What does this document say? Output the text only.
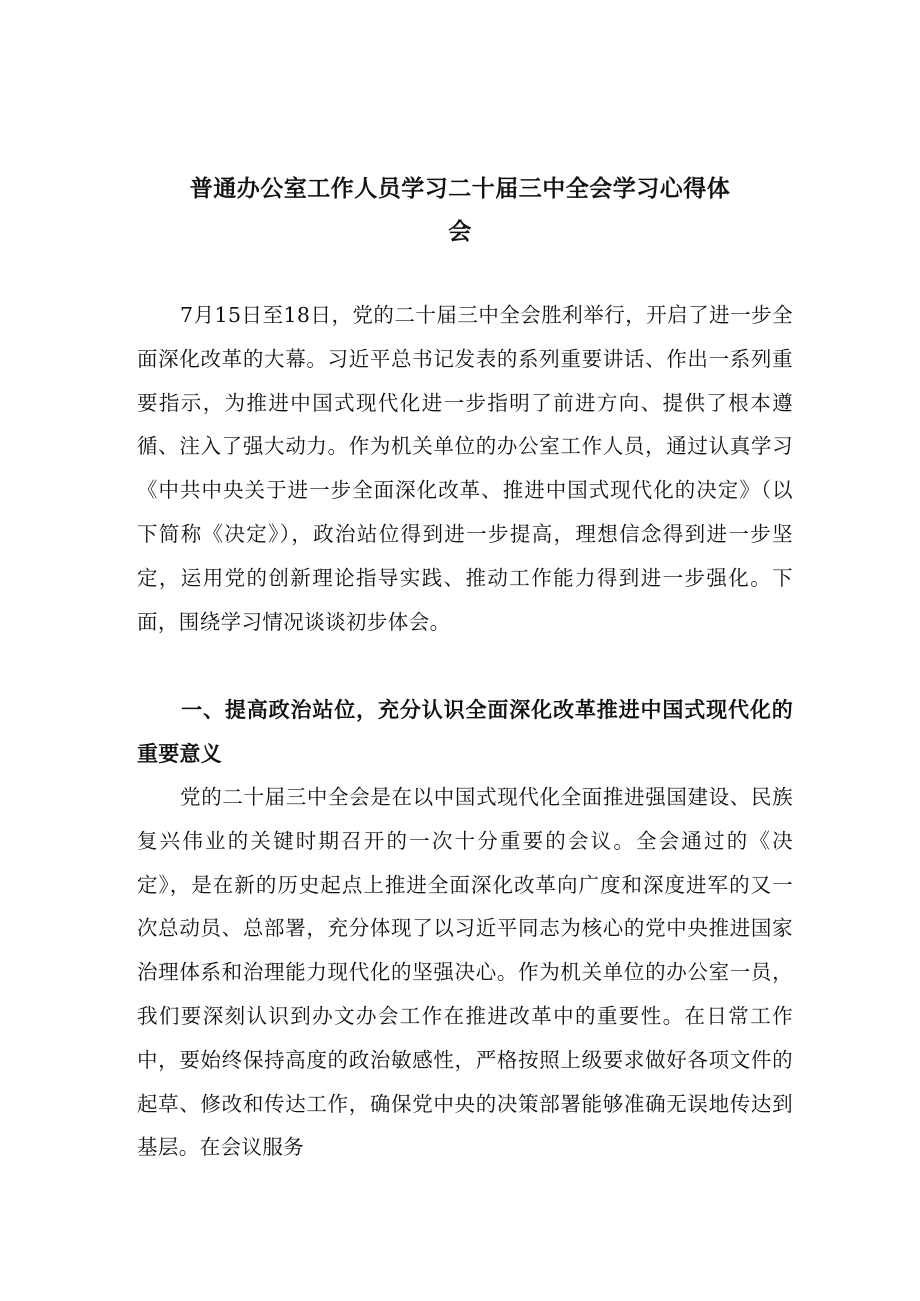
普通办公室工作人员学习二十届三中全会学习心得体
会

7月15日至18日，党的二十届三中全会胜利举行，开启了进一步全面深化改革的大幕。习近平总书记发表的系列重要讲话、作出一系列重要指示，为推进中国式现代化进一步指明了前进方向、提供了根本遵循、注入了强大动力。作为机关单位的办公室工作人员，通过认真学习《中共中央关于进一步全面深化改革、推进中国式现代化的决定》（以下简称《决定》），政治站位得到进一步提高，理想信念得到进一步坚定，运用党的创新理论指导实践、推动工作能力得到进一步强化。下面，围绕学习情况谈谈初步体会。

一、提高政治站位，充分认识全面深化改革推进中国式现代化的重要意义

党的二十届三中全会是在以中国式现代化全面推进强国建设、民族复兴伟业的关键时期召开的一次十分重要的会议。全会通过的《决定》，是在新的历史起点上推进全面深化改革向广度和深度进军的又一次总动员、总部署，充分体现了以习近平同志为核心的党中央推进国家治理体系和治理能力现代化的坚强决心。作为机关单位的办公室一员，我们要深刻认识到办文办会工作在推进改革中的重要性。在日常工作中，要始终保持高度的政治敏感性，严格按照上级要求做好各项文件的起草、修改和传达工作，确保党中央的决策部署能够准确无误地传达到基层。在会议服务
